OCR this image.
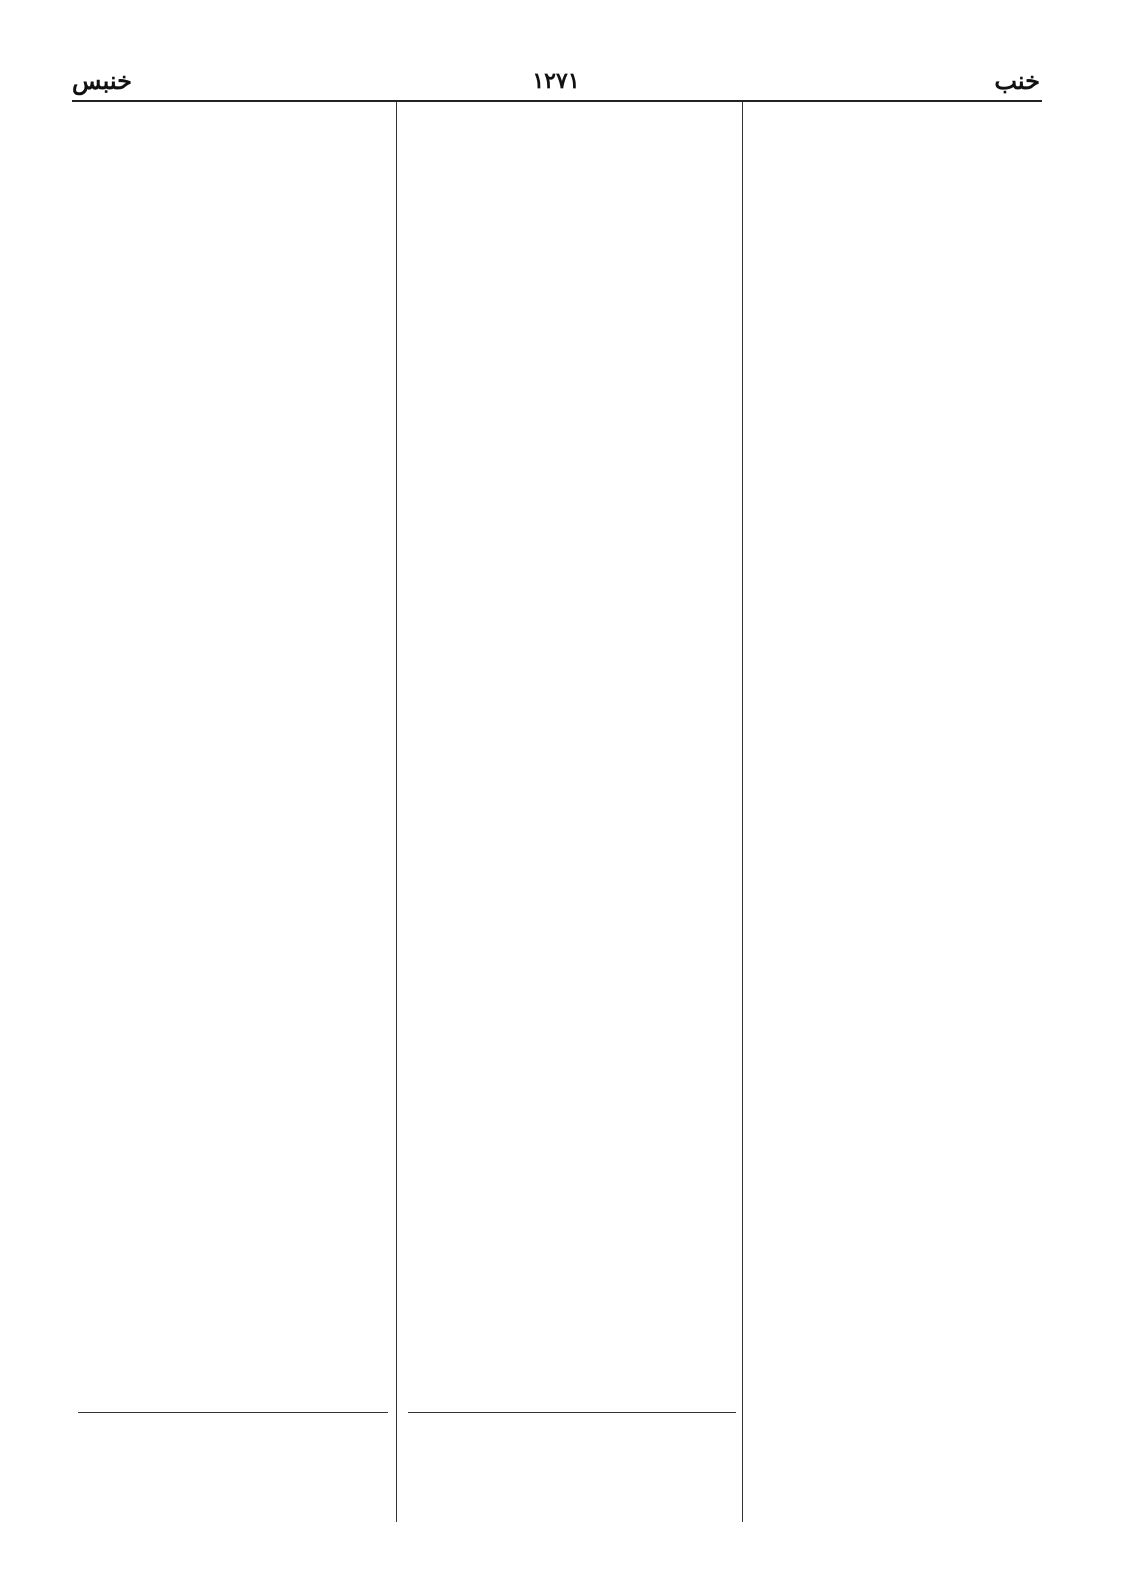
خنب
١٢٧١
خنبس
